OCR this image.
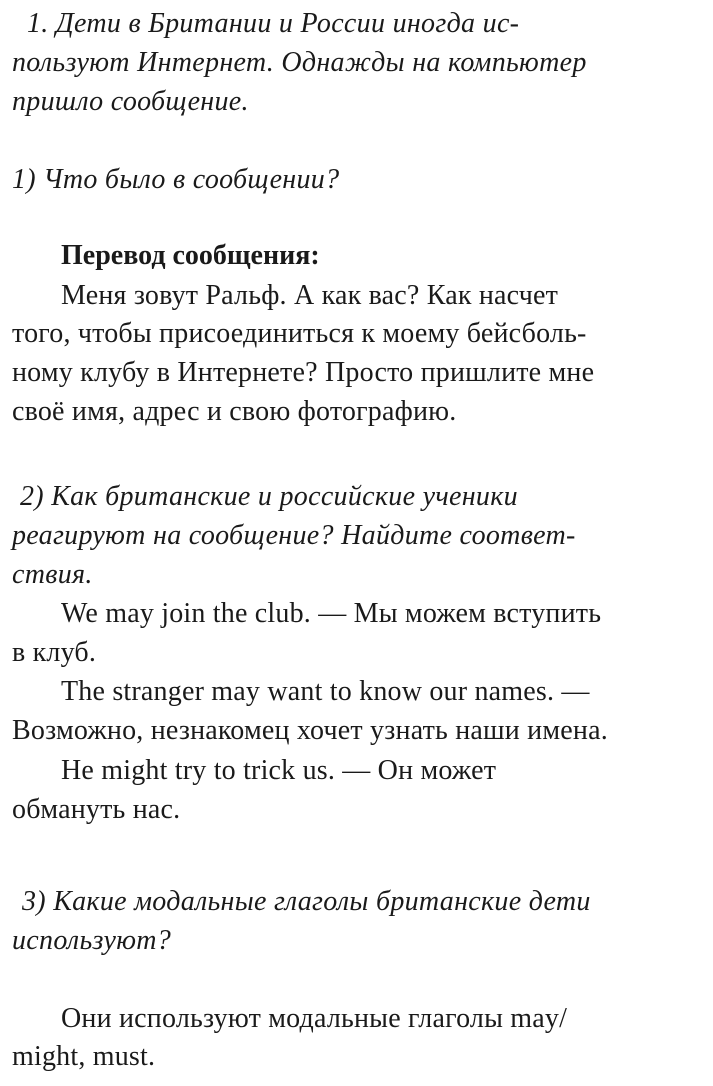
1. Дети в Британии и России иногда ис-
пользуют Интернет. Однажды на компьютер
пришло сообщение.
1) Что было в сообщении?
Перевод сообщения:
Меня зовут Ральф. А как вас? Как насчет
того, чтобы присоединиться к моему бейсболь-
ному клубу в Интернете? Просто пришлите мне
своё имя, адрес и свою фотографию.
2) Как британские и российские ученики
реагируют на сообщение? Найдите соответ-
ствия.
We may join the club. — Мы можем вступить
в клуб.
The stranger may want to know our names. —
Возможно, незнакомец хочет узнать наши имена.
He might try to trick us. — Он может
обмануть нас.
3) Какие модальные глаголы британские дети
используют?
Они используют модальные глаголы may/
might, must.
